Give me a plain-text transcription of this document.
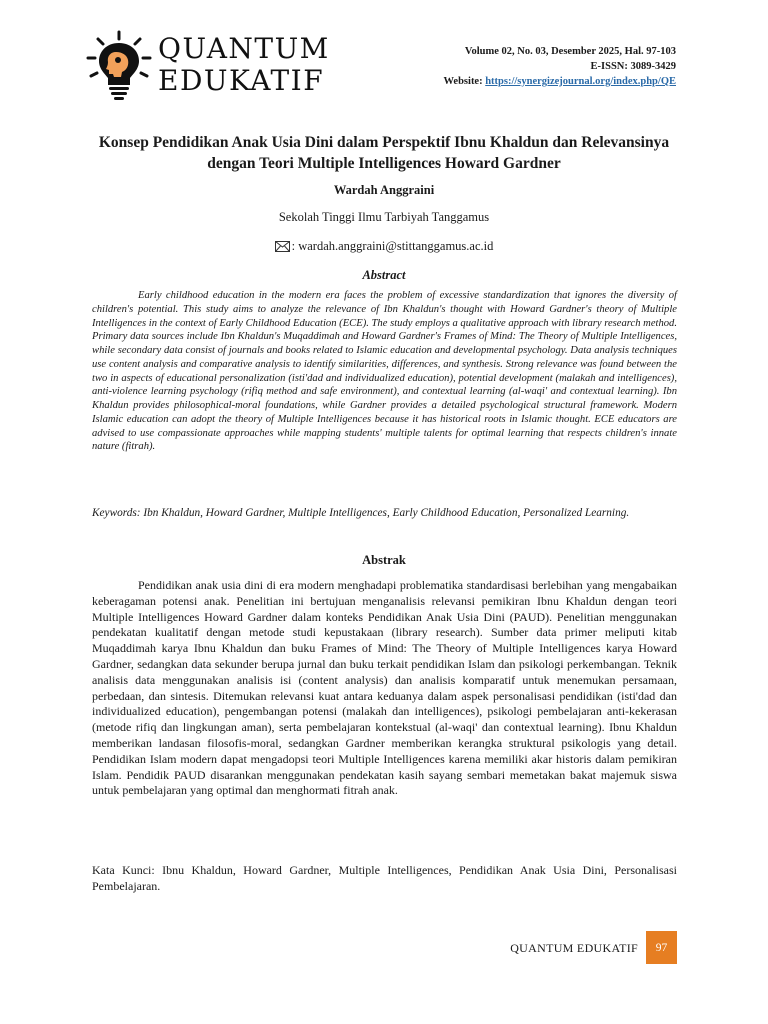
QUANTUM
EDUKATIF
Volume 02, No. 03, Desember 2025, Hal. 97-103
E-ISSN: 3089-3429
Website: https://synergizejournal.org/index.php/QE
Konsep Pendidikan Anak Usia Dini dalam Perspektif Ibnu Khaldun dan Relevansinya dengan Teori Multiple Intelligences Howard Gardner
Wardah Anggraini
Sekolah Tinggi Ilmu Tarbiyah Tanggamus
: wardah.anggraini@stittanggamus.ac.id
Abstract
Early childhood education in the modern era faces the problem of excessive standardization that ignores the diversity of children's potential. This study aims to analyze the relevance of Ibn Khaldun's thought with Howard Gardner's theory of Multiple Intelligences in the context of Early Childhood Education (ECE). The study employs a qualitative approach with library research method. Primary data sources include Ibn Khaldun's Muqaddimah and Howard Gardner's Frames of Mind: The Theory of Multiple Intelligences, while secondary data consist of journals and books related to Islamic education and developmental psychology. Data analysis techniques use content analysis and comparative analysis to identify similarities, differences, and synthesis. Strong relevance was found between the two in aspects of educational personalization (isti'dad and individualized education), potential development (malakah and intelligences), anti-violence learning psychology (rifiq method and safe environment), and contextual learning (al-waqi' and contextual learning). Ibn Khaldun provides philosophical-moral foundations, while Gardner provides a detailed psychological structural framework. Modern Islamic education can adopt the theory of Multiple Intelligences because it has historical roots in Islamic thought. ECE educators are advised to use compassionate approaches while mapping students' multiple talents for optimal learning that respects children's innate nature (fitrah).
Keywords: Ibn Khaldun, Howard Gardner, Multiple Intelligences, Early Childhood Education, Personalized Learning.
Abstrak
Pendidikan anak usia dini di era modern menghadapi problematika standardisasi berlebihan yang mengabaikan keberagaman potensi anak. Penelitian ini bertujuan menganalisis relevansi pemikiran Ibnu Khaldun dengan teori Multiple Intelligences Howard Gardner dalam konteks Pendidikan Anak Usia Dini (PAUD). Penelitian menggunakan pendekatan kualitatif dengan metode studi kepustakaan (library research). Sumber data primer meliputi kitab Muqaddimah karya Ibnu Khaldun dan buku Frames of Mind: The Theory of Multiple Intelligences karya Howard Gardner, sedangkan data sekunder berupa jurnal dan buku terkait pendidikan Islam dan psikologi perkembangan. Teknik analisis data menggunakan analisis isi (content analysis) dan analisis komparatif untuk menemukan persamaan, perbedaan, dan sintesis. Ditemukan relevansi kuat antara keduanya dalam aspek personalisasi pendidikan (isti'dad dan individualized education), pengembangan potensi (malakah dan intelligences), psikologi pembelajaran anti-kekerasan (metode rifiq dan lingkungan aman), serta pembelajaran kontekstual (al-waqi' dan contextual learning). Ibnu Khaldun memberikan landasan filosofis-moral, sedangkan Gardner memberikan kerangka struktural psikologis yang detail. Pendidikan Islam modern dapat mengadopsi teori Multiple Intelligences karena memiliki akar historis dalam pemikiran Islam. Pendidik PAUD disarankan menggunakan pendekatan kasih sayang sembari memetakan bakat majemuk siswa untuk pembelajaran yang optimal dan menghormati fitrah anak.
Kata Kunci: Ibnu Khaldun, Howard Gardner, Multiple Intelligences, Pendidikan Anak Usia Dini, Personalisasi Pembelajaran.
QUANTUM EDUKATIF 97
